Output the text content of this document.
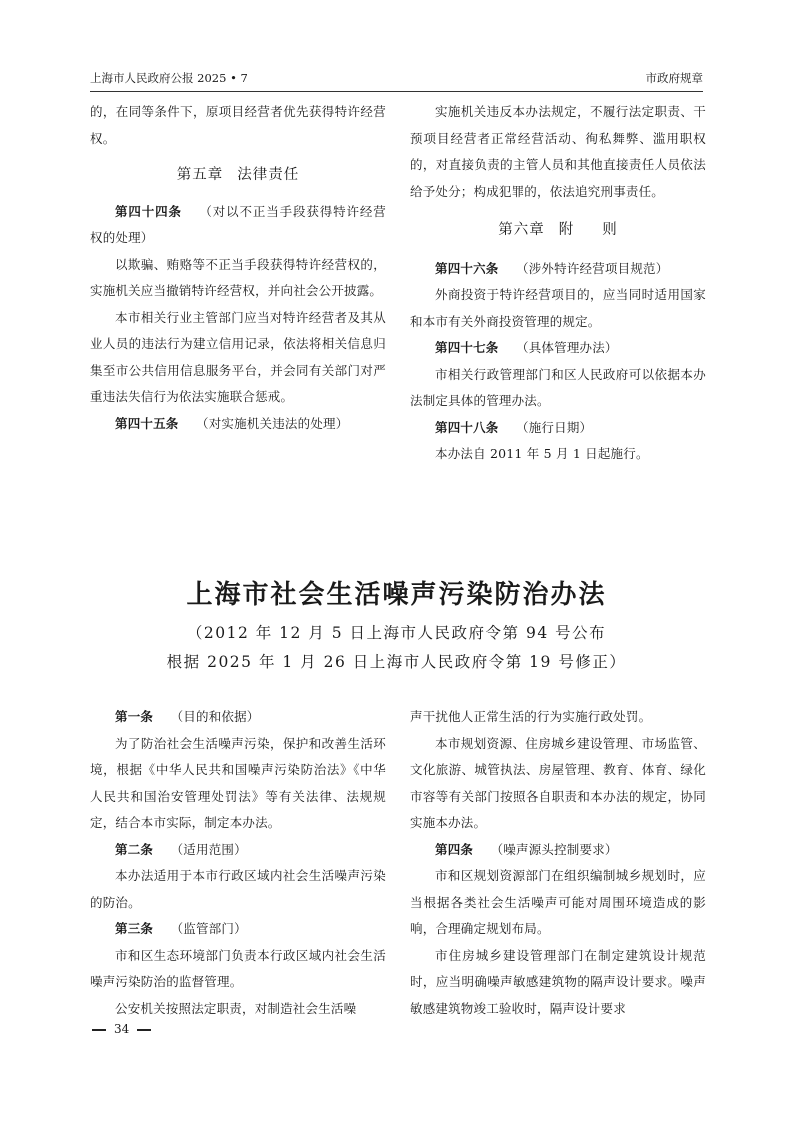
上海市人民政府公报 2025 • 7	市政府规章

的，在同等条件下，原项目经营者优先获得特许经营权。

第五章 法律责任

第四十四条 （对以不正当手段获得特许经营权的处理）

以欺骗、贿赂等不正当手段获得特许经营权的，实施机关应当撤销特许经营权，并向社会公开披露。

本市相关行业主管部门应当对特许经营者及其从业人员的违法行为建立信用记录，依法将相关信息归集至市公共信用信息服务平台，并会同有关部门对严重违法失信行为依法实施联合惩戒。

第四十五条 （对实施机关违法的处理）

实施机关违反本办法规定，不履行法定职责、干预项目经营者正常经营活动、徇私舞弊、滥用职权的，对直接负责的主管人员和其他直接责任人员依法给予处分；构成犯罪的，依法追究刑事责任。

第六章 附 则

第四十六条 （涉外特许经营项目规范）

外商投资于特许经营项目的，应当同时适用国家和本市有关外商投资管理的规定。

第四十七条 （具体管理办法）

市相关行政管理部门和区人民政府可以依据本办法制定具体的管理办法。

第四十八条 （施行日期）

本办法自 2011 年 5 月 1 日起施行。

上海市社会生活噪声污染防治办法
（2012 年 12 月 5 日上海市人民政府令第 94 号公布
根据 2025 年 1 月 26 日上海市人民政府令第 19 号修正）

第一条 （目的和依据）

为了防治社会生活噪声污染，保护和改善生活环境，根据《中华人民共和国噪声污染防治法》《中华人民共和国治安管理处罚法》等有关法律、法规规定，结合本市实际，制定本办法。

第二条 （适用范围）

本办法适用于本市行政区域内社会生活噪声污染的防治。

第三条 （监管部门）

市和区生态环境部门负责本行政区域内社会生活噪声污染防治的监督管理。

公安机关按照法定职责，对制造社会生活噪

声干扰他人正常生活的行为实施行政处罚。

本市规划资源、住房城乡建设管理、市场监管、文化旅游、城管执法、房屋管理、教育、体育、绿化市容等有关部门按照各自职责和本办法的规定，协同实施本办法。

第四条 （噪声源头控制要求）

市和区规划资源部门在组织编制城乡规划时，应当根据各类社会生活噪声可能对周围环境造成的影响，合理确定规划布局。

市住房城乡建设管理部门在制定建筑设计规范时，应当明确噪声敏感建筑物的隔声设计要求。噪声敏感建筑物竣工验收时，隔声设计要求

34
